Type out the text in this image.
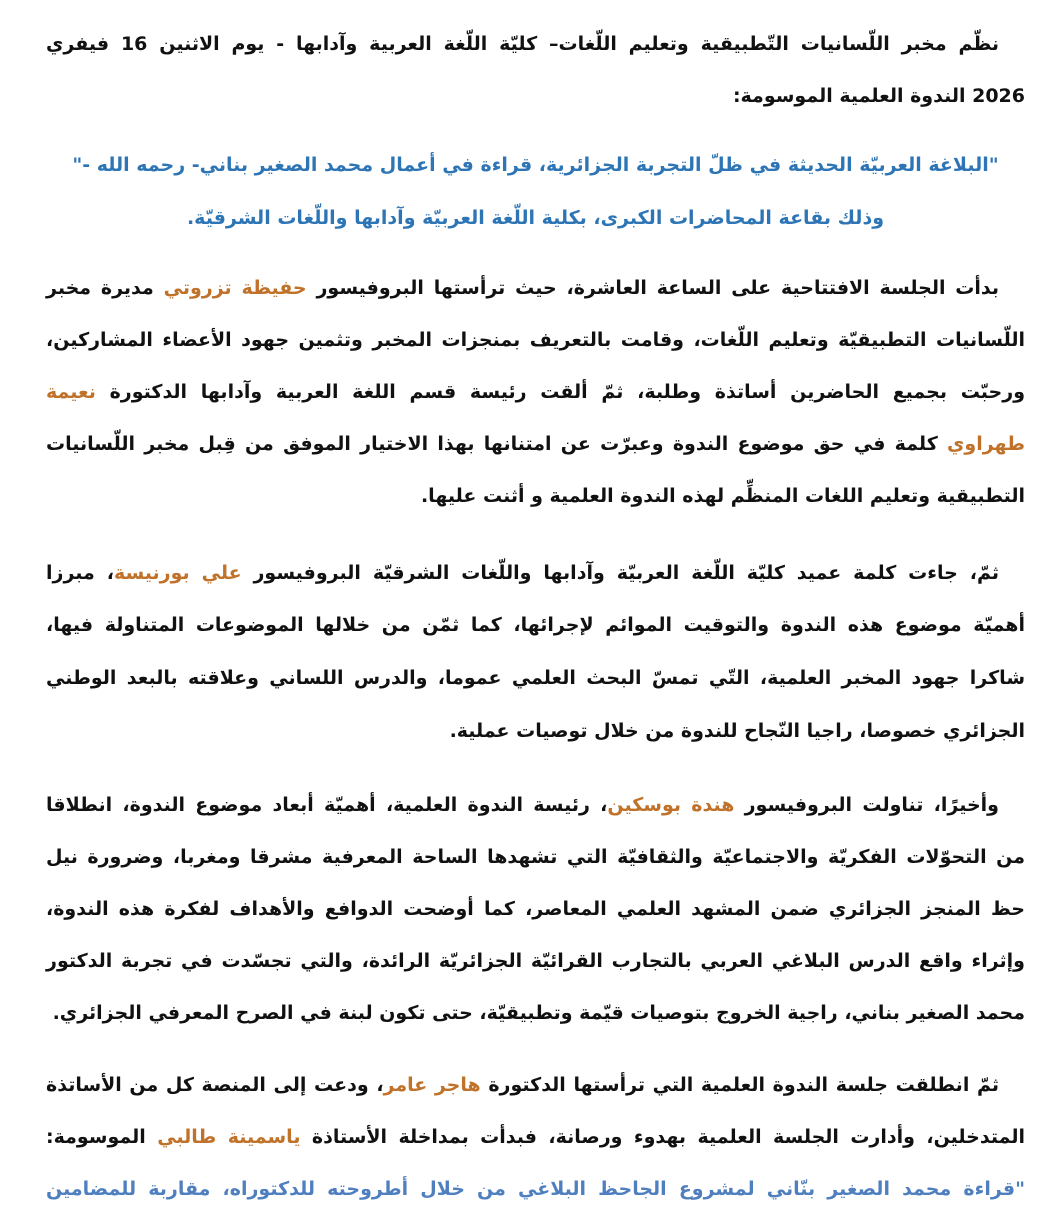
نظّم مخبر اللّسانيات التّطبيقية وتعليم اللّغات– كليّة اللّغة العربية وآدابها - يوم الاثنين 16 فيفري
2026 الندوة العلمية الموسومة:
"البلاغة العربيّة الحديثة في ظلّ التجربة الجزائرية، قراءة في أعمال محمد الصغير بناني- رحمه الله -"
وذلك بقاعة المحاضرات الكبرى، بكلية اللّغة العربيّة وآدابها واللّغات الشرقيّة.
بدأت الجلسة الافتتاحية على الساعة العاشرة، حيث ترأستها البروفيسور حفيظة تزروتي مديرة مخبر
اللّسانيات التطبيقيّة وتعليم اللّغات، وقامت بالتعريف بمنجزات المخبر وتثمين جهود الأعضاء المشاركين،
ورحبّت بجميع الحاضرين أساتذة وطلبة، ثمّ ألقت رئيسة قسم اللغة العربية وآدابها الدكتورة نعيمة
طهراوي كلمة في حق موضوع الندوة وعبرّت عن امتنانها بهذا الاختيار الموفق من قِبل مخبر اللّسانيات
التطبيقية وتعليم اللغات المنظِّم لهذه الندوة العلمية و أثنت عليها.
ثمّ، جاءت كلمة عميد كليّة اللّغة العربيّة وآدابها واللّغات الشرقيّة البروفيسور علي بورنيسة، مبرزا
أهميّة موضوع هذه الندوة والتوقيت الموائم لإجرائها، كما ثمّن من خلالها الموضوعات المتناولة فيها،
شاكرا جهود المخبر العلمية، التّي تمسّ البحث العلمي عموما، والدرس اللساني وعلاقته بالبعد الوطني
الجزائري خصوصا، راجيا النّجاح للندوة من خلال توصيات عملية.
وأخيرًا، تناولت البروفيسور هندة بوسكين، رئيسة الندوة العلمية، أهميّة أبعاد موضوع الندوة، انطلاقا
من التحوّلات الفكريّة والاجتماعيّة والثقافيّة التي تشهدها الساحة المعرفية مشرقا ومغربا، وضرورة نيل
حظ المنجز الجزائري ضمن المشهد العلمي المعاصر، كما أوضحت الدوافع والأهداف لفكرة هذه الندوة،
وإثراء واقع الدرس البلاغي العربي بالتجارب القرائيّة الجزائريّة الرائدة، والتي تجسّدت في تجربة الدكتور
محمد الصغير بناني، راجية الخروج بتوصيات قيّمة وتطبيقيّة، حتى تكون لبنة في الصرح المعرفي الجزائري.
ثمّ انطلقت جلسة الندوة العلمية التي ترأستها الدكتورة هاجر عامر، ودعت إلى المنصة كل من الأساتذة
المتدخلين، وأدارت الجلسة العلمية بهدوء ورصانة، فبدأت بمداخلة الأستاذة ياسمينة طالبي الموسومة:
"قراءة محمد الصغير بنّاني لمشروع الجاحظ البلاغي من خلال أطروحته للدكتوراه، مقاربة للمضامين
